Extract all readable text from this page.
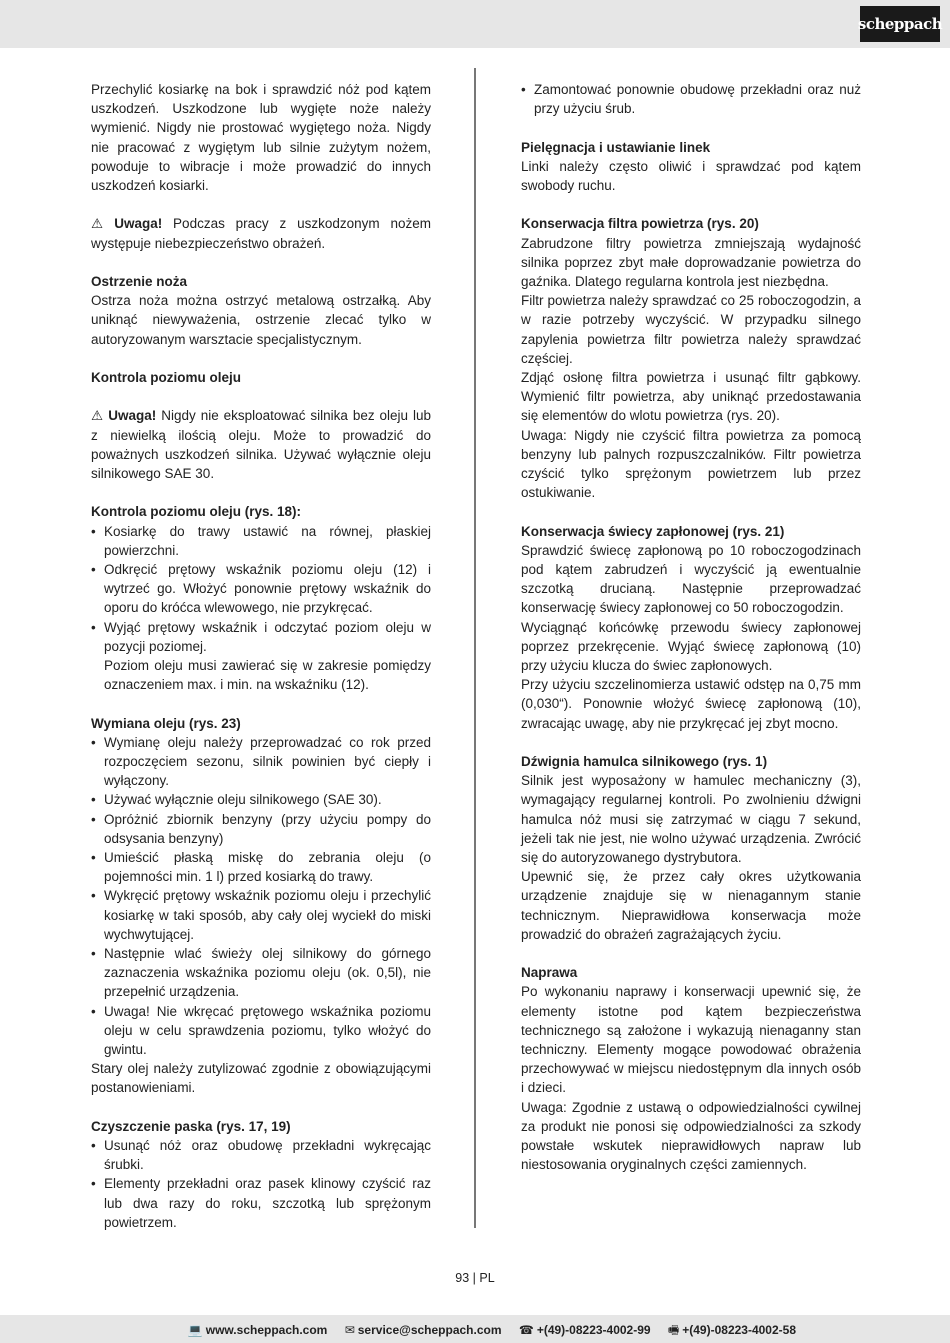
scheppach

Przechylić kosiarkę na bok i sprawdzić nóż pod kątem uszkodzeń. Uszkodzone lub wygięte noże należy wymienić. Nigdy nie prostować wygiętego noża. Nigdy nie pracować z wygiętym lub silnie zużytym nożem, powoduje to wibracje i może prowadzić do innych uszkodzeń kosiarki.

⚠ Uwaga! Podczas pracy z uszkodzonym nożem występuje niebezpieczeństwo obrażeń.

Ostrzenie noża

Ostrza noża można ostrzyć metalową ostrzałką. Aby uniknąć niewyważenia, ostrzenie zlecać tylko w autoryzowanym warsztacie specjalistycznym.

Kontrola poziomu oleju

⚠ Uwaga! Nigdy nie eksploatować silnika bez oleju lub z niewielką ilością oleju. Może to prowadzić do poważnych uszkodzeń silnika. Używać wyłącznie oleju silnikowego SAE 30.

Kontrola poziomu oleju (rys. 18):

• Kosiarkę do trawy ustawić na równej, płaskiej powierzchni.
• Odkręcić prętowy wskaźnik poziomu oleju (12) i wytrzeć go. Włożyć ponownie prętowy wskaźnik do oporu do króćca wlewowego, nie przykręcać.
• Wyjąć prętowy wskaźnik i odczytać poziom oleju w pozycji poziomej.

Poziom oleju musi zawierać się w zakresie pomiędzy oznaczeniem max. i min. na wskaźniku (12).

Wymiana oleju (rys. 23)

• Wymianę oleju należy przeprowadzać co rok przed rozpoczęciem sezonu, silnik powinien być ciepły i wyłączony.
• Używać wyłącznie oleju silnikowego (SAE 30).
• Opróżnić zbiornik benzyny (przy użyciu pompy do odsysania benzyny)
• Umieścić płaską miskę do zebrania oleju (o pojemności min. 1 l) przed kosiarką do trawy.
• Wykręcić prętowy wskaźnik poziomu oleju i przechylić kosiarkę w taki sposób, aby cały olej wyciekł do miski wychwytującej.
• Następnie wlać świeży olej silnikowy do górnego zaznaczenia wskaźnika poziomu oleju (ok. 0,5l), nie przepełnić urządzenia.
• Uwaga! Nie wkręcać prętowego wskaźnika poziomu oleju w celu sprawdzenia poziomu, tylko włożyć do gwintu.

Stary olej należy zutylizować zgodnie z obowiązującymi postanowieniami.

Czyszczenie paska (rys. 17, 19)

• Usunąć nóż oraz obudowę przekładni wykręcając śrubki.
• Elementy przekładni oraz pasek klinowy czyścić raz lub dwa razy do roku, szczotką lub sprężonym powietrzem.
• Zamontować ponownie obudowę przekładni oraz nuż przy użyciu śrub.

Pielęgnacja i ustawianie linek

Linki należy często oliwić i sprawdzać pod kątem swobody ruchu.

Konserwacja filtra powietrza (rys. 20)

Zabrudzone filtry powietrza zmniejszają wydajność silnika poprzez zbyt małe doprowadzanie powietrza do gaźnika. Dlatego regularna kontrola jest niezbędna.

Filtr powietrza należy sprawdzać co 25 roboczogodzin, a w razie potrzeby wyczyścić. W przypadku silnego zapylenia powietrza filtr powietrza należy sprawdzać częściej.

Zdjąć osłonę filtra powietrza i usunąć filtr gąbkowy. Wymienić filtr powietrza, aby uniknąć przedostawania się elementów do wlotu powietrza (rys. 20).

Uwaga: Nigdy nie czyścić filtra powietrza za pomocą benzyny lub palnych rozpuszczalników. Filtr powietrza czyścić tylko sprężonym powietrzem lub przez ostukiwanie.

Konserwacja świecy zapłonowej (rys. 21)

Sprawdzić świecę zapłonową po 10 roboczogodzinach pod kątem zabrudzeń i wyczyścić ją ewentualnie szczotką drucianą. Następnie przeprowadzać konserwację świecy zapłonowej co 50 roboczogodzin.

Wyciągnąć końcówkę przewodu świecy zapłonowej poprzez przekręcenie. Wyjąć świecę zapłonową (10) przy użyciu klucza do świec zapłonowych.

Przy użyciu szczelinomierza ustawić odstęp na 0,75 mm (0,030“). Ponownie włożyć świecę zapłonową (10), zwracając uwagę, aby nie przykręcać jej zbyt mocno.

Dźwignia hamulca silnikowego (rys. 1)

Silnik jest wyposażony w hamulec mechaniczny (3), wymagający regularnej kontroli. Po zwolnieniu dźwigni hamulca nóż musi się zatrzymać w ciągu 7 sekund, jeżeli tak nie jest, nie wolno używać urządzenia. Zwrócić się do autoryzowanego dystrybutora.

Upewnić się, że przez cały okres użytkowania urządzenie znajduje się w nienagannym stanie technicznym. Nieprawidłowa konserwacja może prowadzić do obrażeń zagrażających życiu.

Naprawa

Po wykonaniu naprawy i konserwacji upewnić się, że elementy istotne pod kątem bezpieczeństwa technicznego są założone i wykazują nienaganny stan techniczny. Elementy mogące powodować obrażenia przechowywać w miejscu niedostępnym dla innych osób i dzieci.

Uwaga: Zgodnie z ustawą o odpowiedzialności cywilnej za produkt nie ponosi się odpowiedzialności za szkody powstałe wskutek nieprawidłowych napraw lub niestosowania oryginalnych części zamiennych.

93 | PL
💻 www.scheppach.com ✉ service@scheppach.com ☎ +(49)-08223-4002-99 🖷 +(49)-08223-4002-58
